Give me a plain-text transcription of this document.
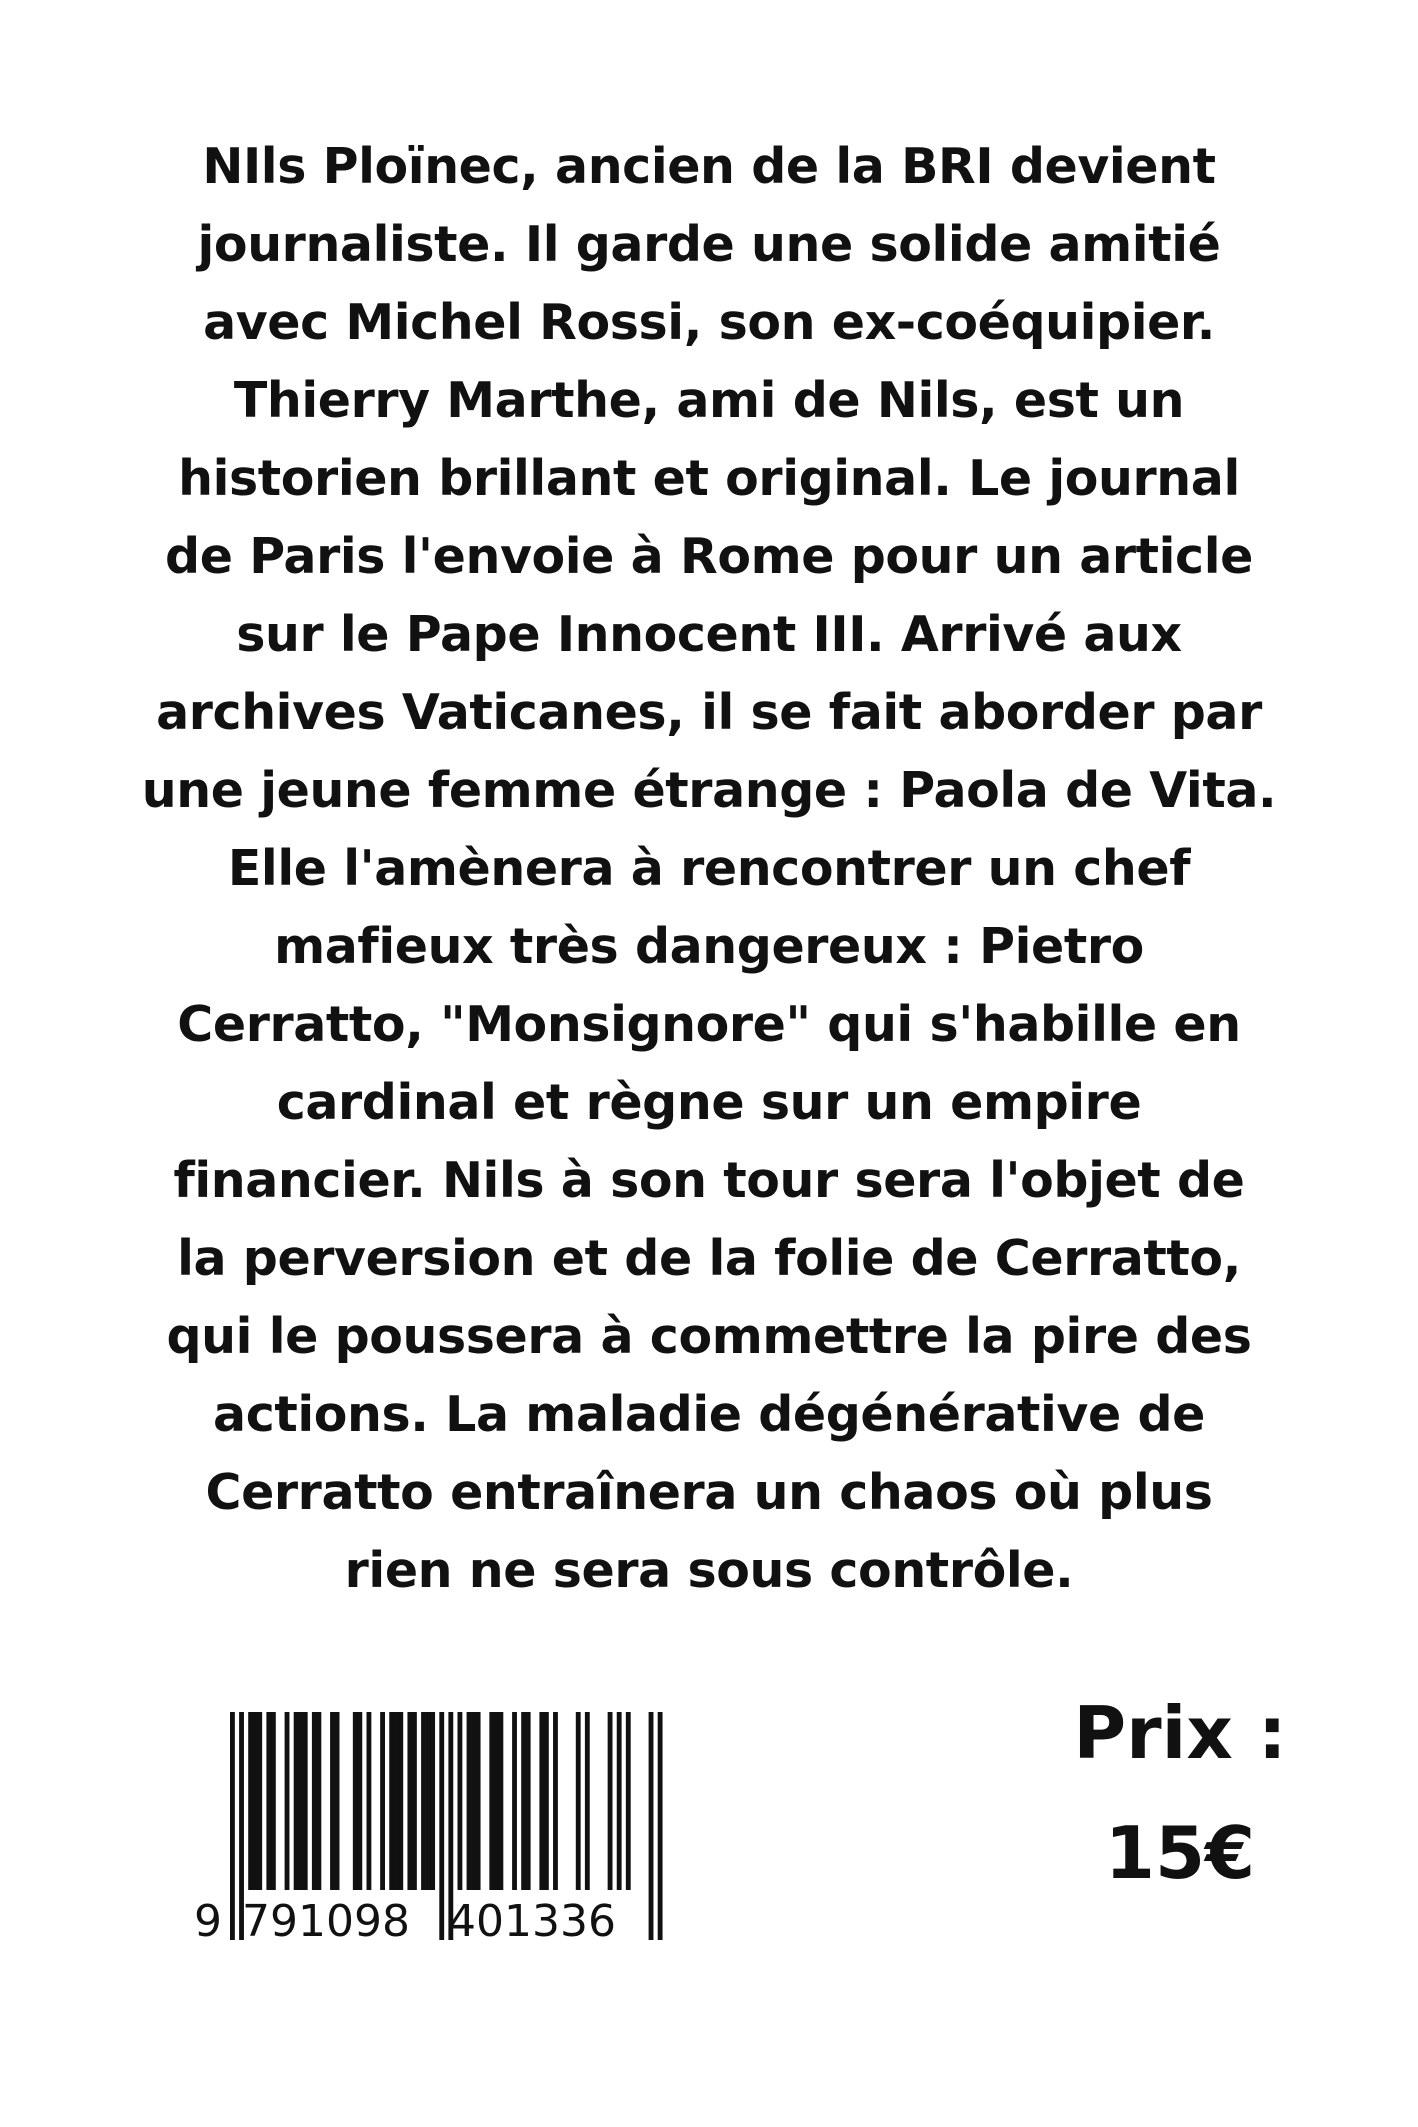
NIls Ploïnec, ancien de la BRI devient
journaliste. Il garde une solide amitié
avec Michel Rossi, son ex-coéquipier.
Thierry Marthe, ami de Nils, est un
historien brillant et original. Le journal
de Paris l'envoie à Rome pour un article
sur le Pape Innocent III. Arrivé aux
archives Vaticanes, il se fait aborder par
une jeune femme étrange : Paola de Vita.
Elle l'amènera à rencontrer un chef
mafieux très dangereux : Pietro
Cerratto, "Monsignore" qui s'habille en
cardinal et règne sur un empire
financier. Nils à son tour sera l'objet de
la perversion et de la folie de Cerratto,
qui le poussera à commettre la pire des
actions. La maladie dégénérative de
Cerratto entraînera un chaos où plus
rien ne sera sous contrôle.
9 791098 401336
Prix :
15€
